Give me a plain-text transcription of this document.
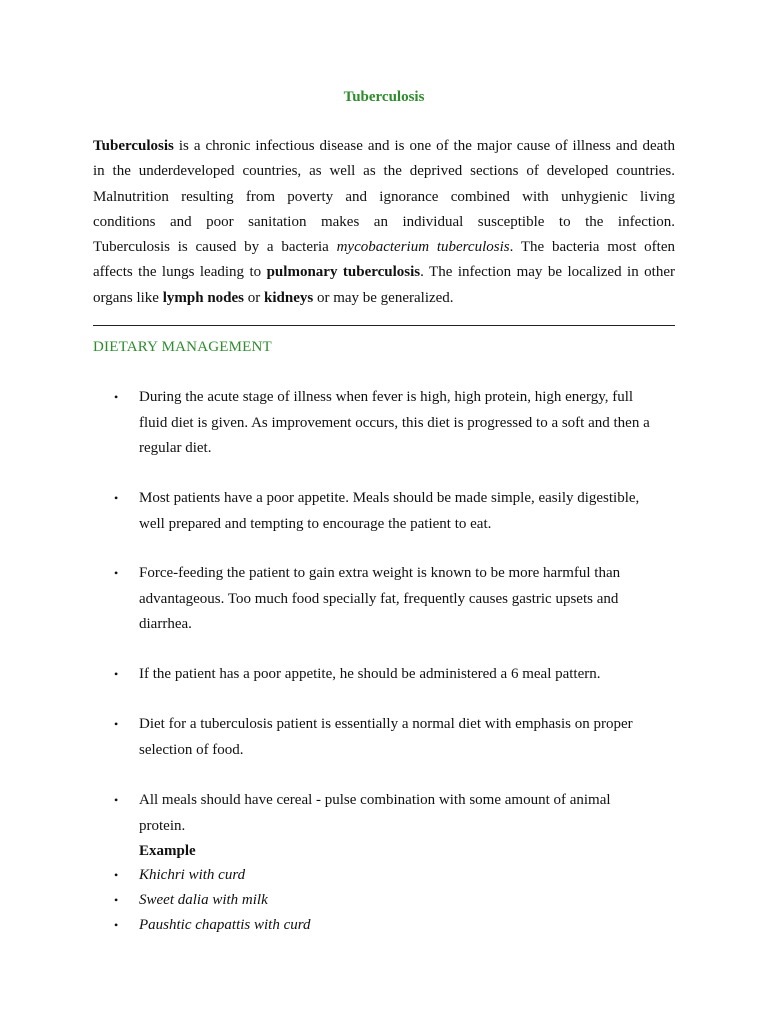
Tuberculosis
Tuberculosis is a chronic infectious disease and is one of the major cause of illness and death
in the underdeveloped countries, as well as the deprived sections of developed countries.
Malnutrition resulting from poverty and ignorance combined with unhygienic living
conditions and poor sanitation makes an individual susceptible to the infection.
Tuberculosis is caused by a bacteria mycobacterium tuberculosis. The bacteria most often
affects the lungs leading to pulmonary tuberculosis. The infection may be localized in other
organs like lymph nodes or kidneys or may be generalized.
DIETARY MANAGEMENT
• During the acute stage of illness when fever is high, high protein, high energy, full
fluid diet is given. As improvement occurs, this diet is progressed to a soft and then a
regular diet.
• Most patients have a poor appetite. Meals should be made simple, easily digestible,
well prepared and tempting to encourage the patient to eat.
• Force-feeding the patient to gain extra weight is known to be more harmful than
advantageous. Too much food specially fat, frequently causes gastric upsets and
diarrhea.
• If the patient has a poor appetite, he should be administered a 6 meal pattern.
• Diet for a tuberculosis patient is essentially a normal diet with emphasis on proper
selection of food.
• All meals should have cereal - pulse combination with some amount of animal
protein.
Example
• Khichri with curd
• Sweet dalia with milk
• Paushtic chapattis with curd
